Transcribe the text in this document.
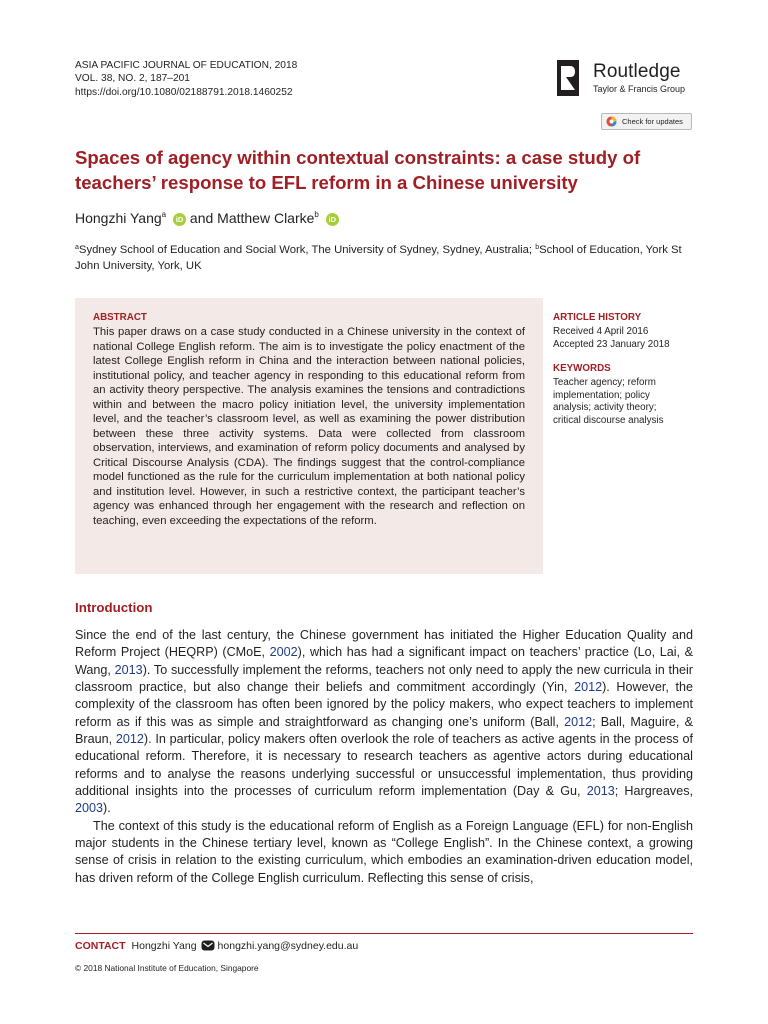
ASIA PACIFIC JOURNAL OF EDUCATION, 2018
VOL. 38, NO. 2, 187–201
https://doi.org/10.1080/02188791.2018.1460252	R
Routledge
Taylor & Francis Group
Check for updates
Spaces of agency within contextual constraints: a case study of teachers’ response to EFL reform in a Chinese university
Hongzhi Yang$^a$ iD and Matthew Clarke$^b$ iD
$^a$Sydney School of Education and Social Work, The University of Sydney, Sydney, Australia; $^b$School of Education, York St John University, York, UK
ABSTRACT
This paper draws on a case study conducted in a Chinese university in the context of national College English reform. The aim is to investigate the policy enactment of the latest College English reform in China and the interaction between national policies, institutional policy, and teacher agency in responding to this educational reform from an activity theory perspective. The analysis examines the tensions and contradictions within and between the macro policy initiation level, the university implementation level, and the teacher’s classroom level, as well as examining the power distribution between these three activity systems. Data were collected from classroom observation, interviews, and examination of reform policy documents and analysed by Critical Discourse Analysis (CDA). The findings suggest that the control-compliance model functioned as the rule for the curriculum implementation at both national policy and institution level. However, in such a restrictive context, the participant teacher’s agency was enhanced through her engagement with the research and reflection on teaching, even exceeding the expectations of the reform.
ARTICLE HISTORY
Received 4 April 2016
Accepted 23 January 2018
KEYWORDS
Teacher agency; reform
implementation; policy
analysis; activity theory;
critical discourse analysis
Introduction

Since the end of the last century, the Chinese government has initiated the Higher Education Quality and Reform Project (HEQRP) (CMoE, 2002), which has had a significant impact on teachers’ practice (Lo, Lai, & Wang, 2013). To successfully implement the reforms, teachers not only need to apply the new curricula in their classroom practice, but also change their beliefs and commitment accordingly (Yin, 2012). However, the complexity of the classroom has often been ignored by the policy makers, who expect teachers to implement reform as if this was as simple and straightforward as changing one’s uniform (Ball, 2012; Ball, Maguire, & Braun, 2012). In particular, policy makers often overlook the role of teachers as active agents in the process of educational reform. Therefore, it is necessary to research teachers as agentive actors during educational reforms and to analyse the reasons underlying successful or unsuccessful implementation, thus providing additional insights into the processes of curriculum reform implementation (Day & Gu, 2013; Hargreaves, 2003).

The context of this study is the educational reform of English as a Foreign Language (EFL) for non-English major students in the Chinese tertiary level, known as “College English”. In the Chinese context, a growing sense of crisis in relation to the existing curriculum, which embodies an examination-driven education model, has driven reform of the College English curriculum. Reflecting this sense of crisis,

CONTACT Hongzhi Yang hongzhi.yang@sydney.edu.au
© 2018 National Institute of Education, Singapore
